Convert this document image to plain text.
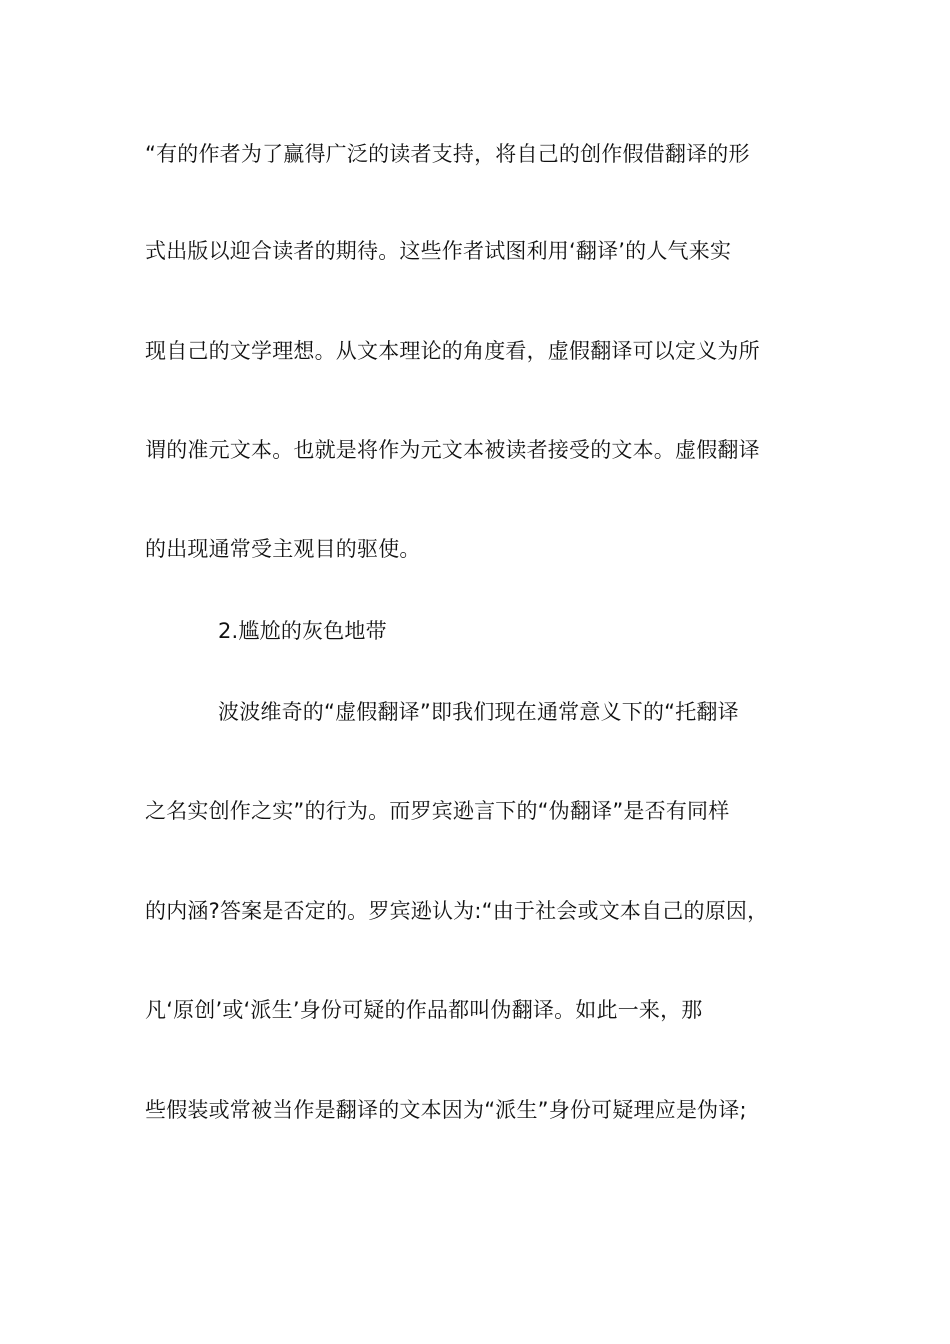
“有的作者为了赢得广泛的读者支持，将自己的创作假借翻译的形
式出版以迎合读者的期待。这些作者试图利用‘翻译’的人气来实
现自己的文学理想。从文本理论的角度看，虚假翻译可以定义为所
谓的准元文本。也就是将作为元文本被读者接受的文本。虚假翻译
的出现通常受主观目的驱使。
2.尴尬的灰色地带
波波维奇的“虚假翻译”即我们现在通常意义下的“托翻译
之名实创作之实”的行为。而罗宾逊言下的“伪翻译”是否有同样
的内涵?答案是否定的。罗宾逊认为:“由于社会或文本自己的原因，
凡‘原创’或‘派生’身份可疑的作品都叫伪翻译。如此一来，那
些假装或常被当作是翻译的文本因为“派生”身份可疑理应是伪译;
